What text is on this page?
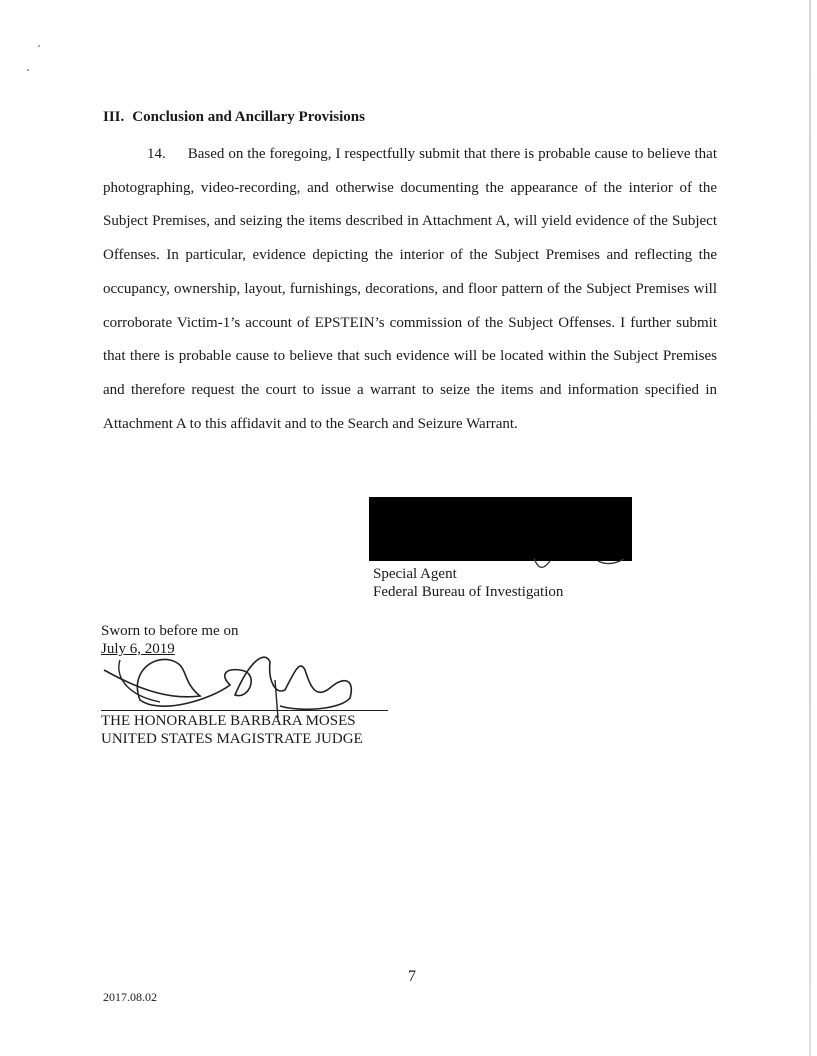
III. Conclusion and Ancillary Provisions

14. Based on the foregoing, I respectfully submit that there is probable cause to believe that photographing, video-recording, and otherwise documenting the appearance of the interior of the Subject Premises, and seizing the items described in Attachment A, will yield evidence of the Subject Offenses. In particular, evidence depicting the interior of the Subject Premises and reflecting the occupancy, ownership, layout, furnishings, decorations, and floor pattern of the Subject Premises will corroborate Victim-1’s account of EPSTEIN’s commission of the Subject Offenses. I further submit that there is probable cause to believe that such evidence will be located within the Subject Premises and therefore request the court to issue a warrant to seize the items and information specified in Attachment A to this affidavit and to the Search and Seizure Warrant.

Special Agent
Federal Bureau of Investigation
Sworn to before me on
July 6, 2019
THE HONORABLE BARBARA MOSES
UNITED STATES MAGISTRATE JUDGE
7
2017.08.02
